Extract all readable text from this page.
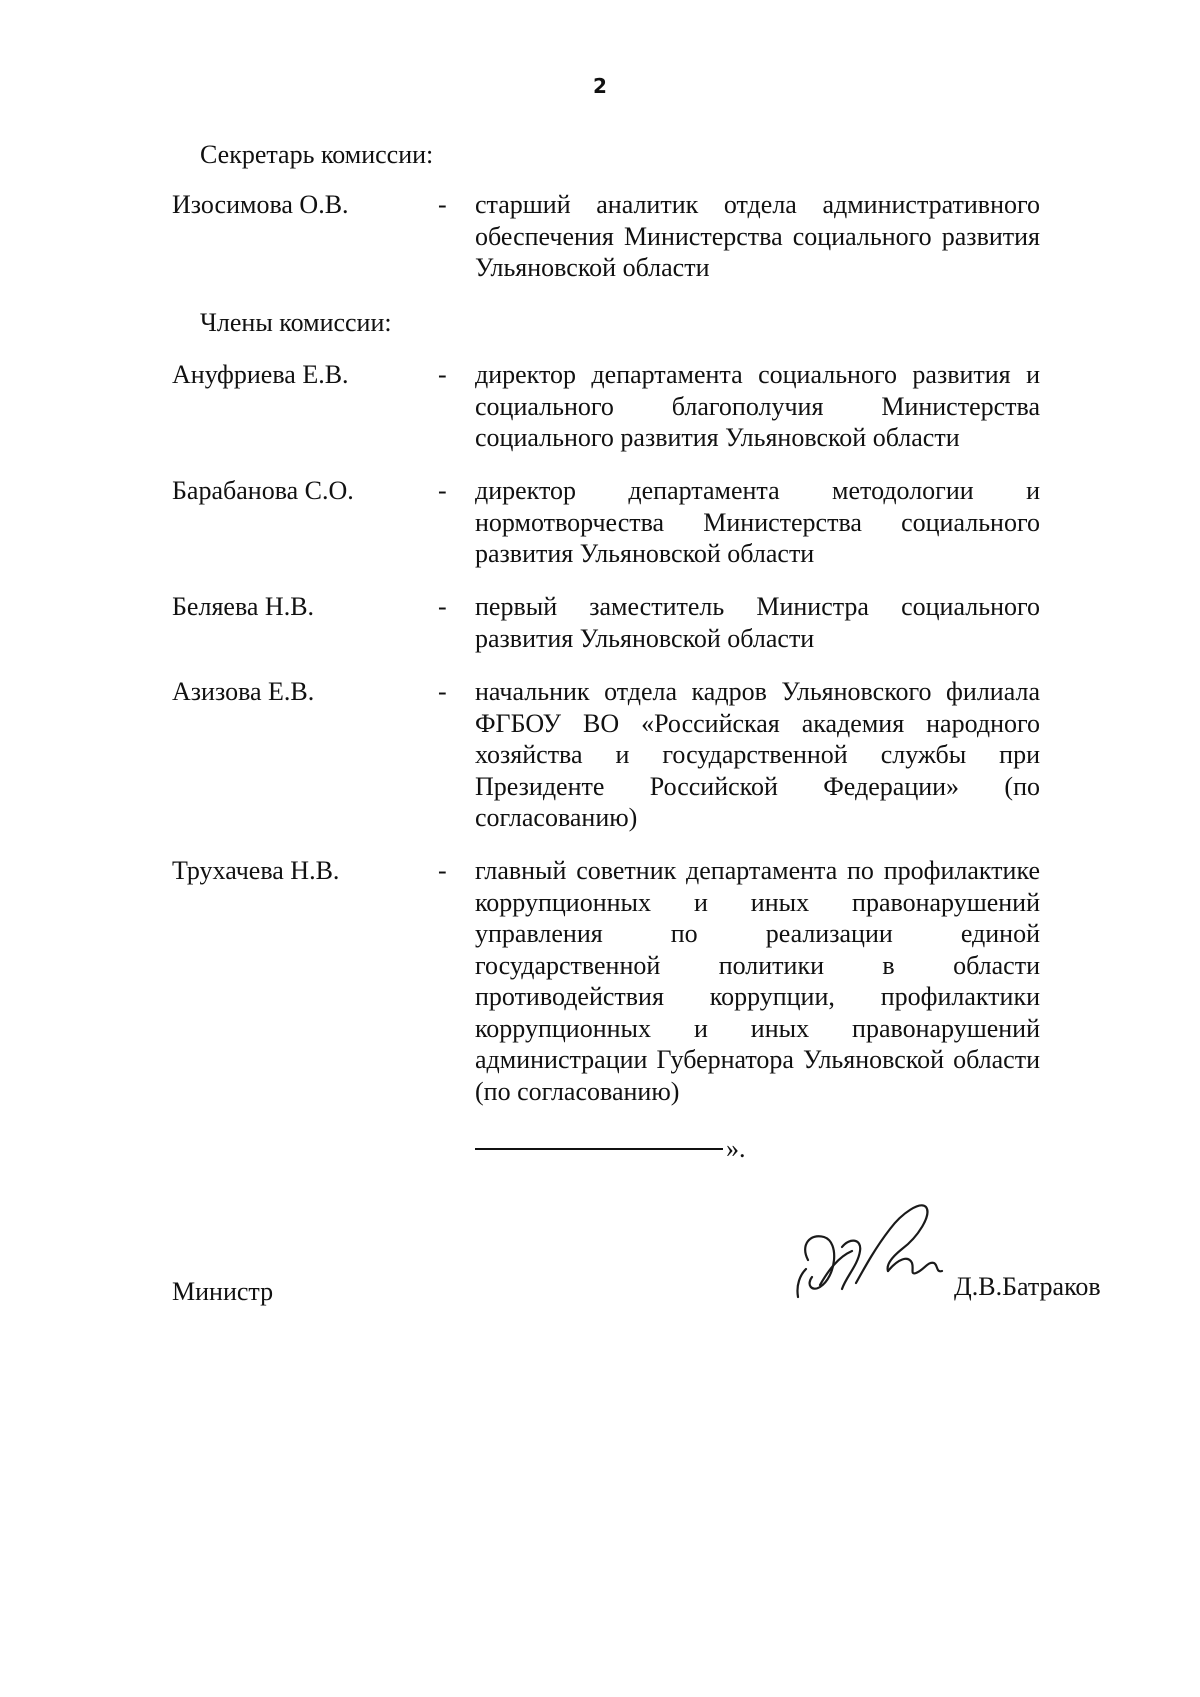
2
Секретарь комиссии:
Изосимова О.В.	- старший аналитик отдела административного обеспечения Министерства социального развития Ульяновской области
Члены комиссии:
Ануфриева Е.В.	- директор департамента социального развития и социального благополучия Министерства социального развития Ульяновской области
Барабанова С.О.	- директор департамента методологии и нормотворчества Министерства социального развития Ульяновской области
Беляева Н.В.	- первый заместитель Министра социального развития Ульяновской области
Азизова Е.В.	- начальник отдела кадров Ульяновского филиала ФГБОУ ВО «Российская академия народного хозяйства и государственной службы при Президенте Российской Федерации» (по согласованию)
Трухачева Н.В.	- главный советник департамента по профилактике коррупционных и иных правонарушений управления по реализации единой государственной политики в области противодействия коррупции, профилактики коррупционных и иных правонарушений администрации Губернатора Ульяновской области (по согласованию)
».
Министр	Д.В.Батраков
